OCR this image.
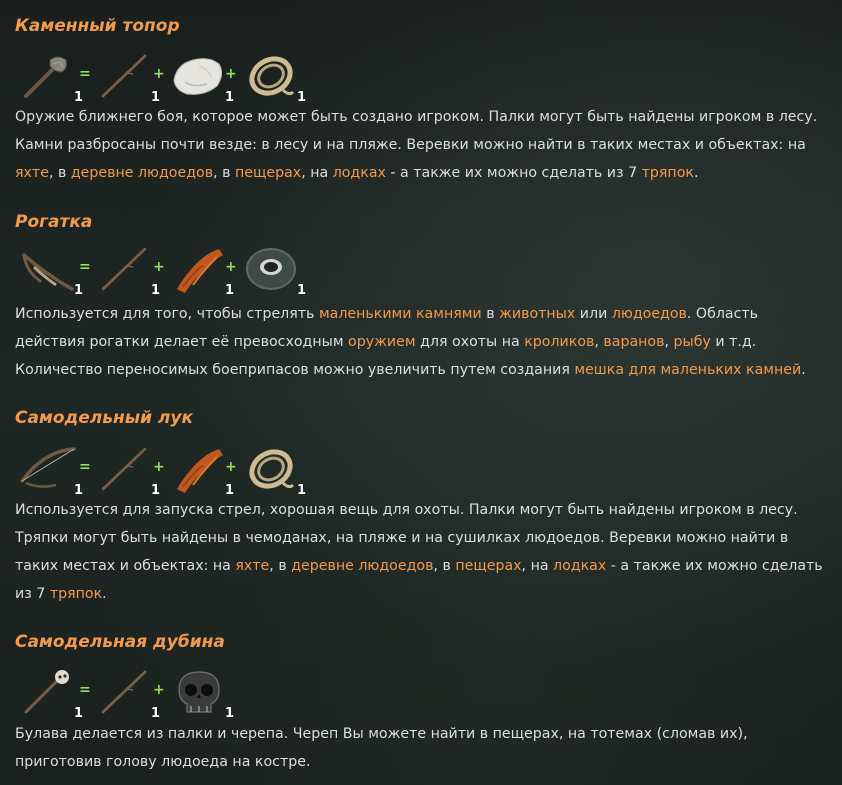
Каменный топор
1
=
1
+
1
+
1
Оружие ближнего боя, которое может быть создано игроком. Палки могут быть найдены игроком в лесу.
Камни разбросаны почти везде: в лесу и на пляже. Веревки можно найти в таких местах и объектах: на
яхте, в деревне людоедов, в пещерах, на лодках - а также их можно сделать из 7 тряпок.
Рогатка
1
=
1
+
1
+
1
Используется для того, чтобы стрелять маленькими камнями в животных или людоедов. Область
действия рогатки делает её превосходным оружием для охоты на кроликов, варанов, рыбу и т.д.
Количество переносимых боеприпасов можно увеличить путем создания мешка для маленьких камней.
Самодельный лук
1
=
1
+
1
+
1
Используется для запуска стрел, хорошая вещь для охоты. Палки могут быть найдены игроком в лесу.
Тряпки могут быть найдены в чемоданах, на пляже и на сушилках людоедов. Веревки можно найти в
таких местах и объектах: на яхте, в деревне людоедов, в пещерах, на лодках - а также их можно сделать
из 7 тряпок.
Самодельная дубина
1
=
1
+
1
Булава делается из палки и черепа. Череп Вы можете найти в пещерах, на тотемах (сломав их),
приготовив голову людоеда на костре.
